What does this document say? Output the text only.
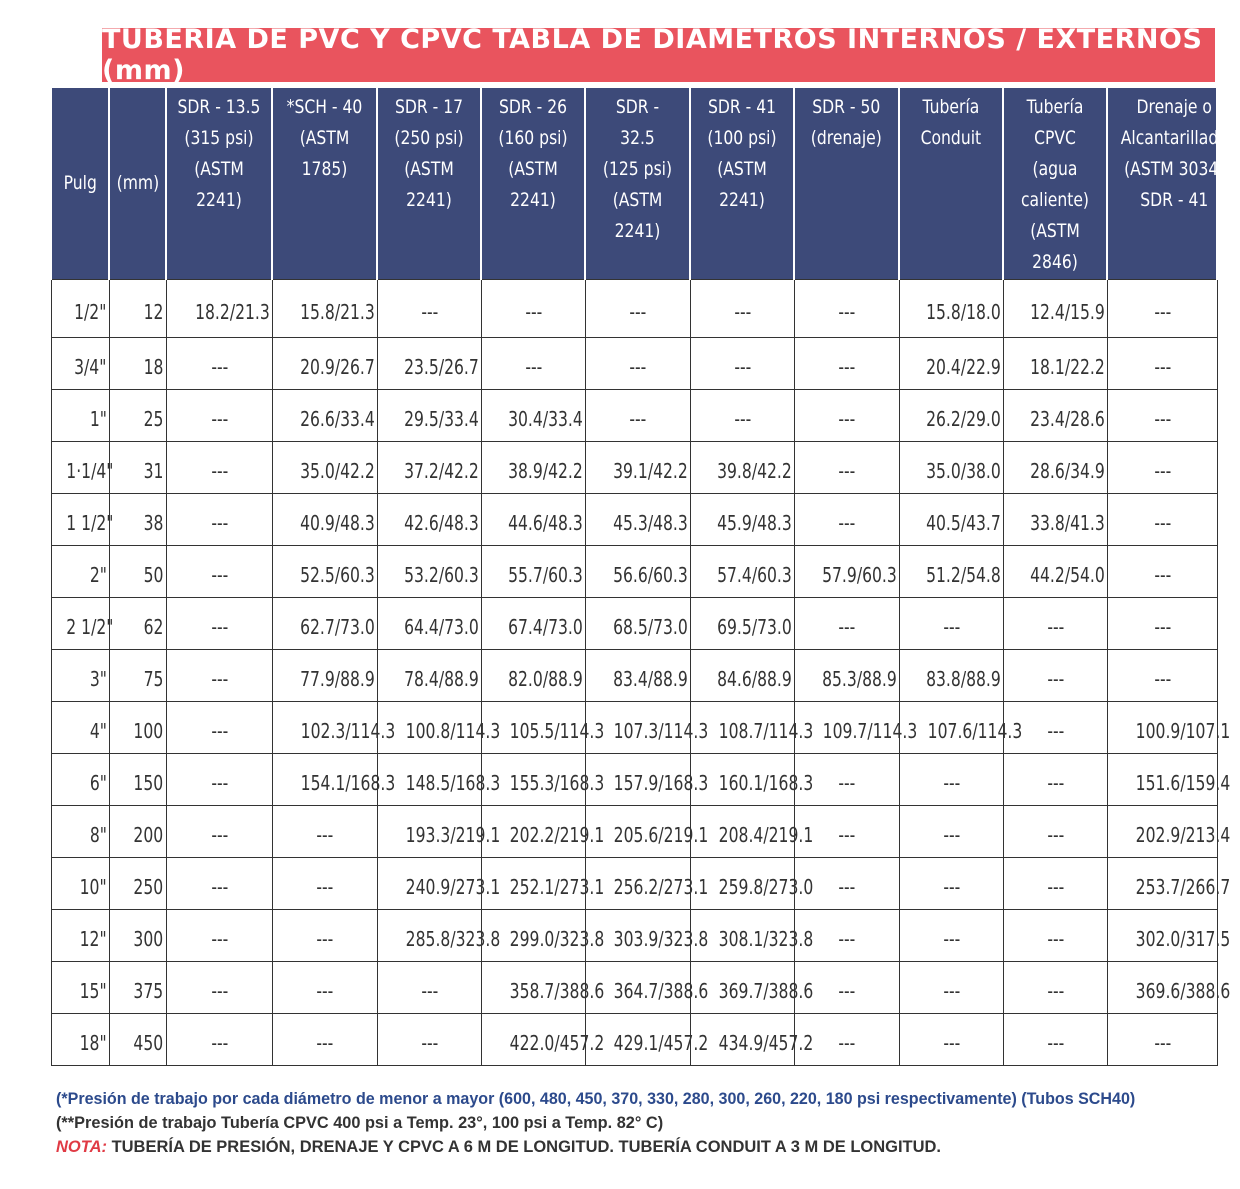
TUBERÍA DE PVC Y CPVC TABLA DE DIÁMETROS INTERNOS / EXTERNOS (mm)
Pulg	(mm)	SDR - 13.5
(315 psi)
(ASTM 2241)	*SCH - 40
(ASTM 1785)	SDR - 17
(250 psi)
(ASTM 2241)	SDR - 26
(160 psi)
(ASTM 2241)	SDR - 32.5
(125 psi)
(ASTM 2241)	SDR - 41
(100 psi)
(ASTM 2241)	SDR - 50
(drenaje)	Tubería
Conduit	Tubería
CPVC
(agua
caliente)
(ASTM 2846)	Drenaje o
Alcantarillado
(ASTM 3034)
SDR - 41
1/2"	12	18.2/21.3	15.8/21.3	---	---	---	---	---	15.8/18.0	12.4/15.9	---
3/4"	18	---	20.9/26.7	23.5/26.7	---	---	---	---	20.4/22.9	18.1/22.2	---
1"	25	---	26.6/33.4	29.5/33.4	30.4/33.4	---	---	---	26.2/29.0	23.4/28.6	---
1·1/4"	31	---	35.0/42.2	37.2/42.2	38.9/42.2	39.1/42.2	39.8/42.2	---	35.0/38.0	28.6/34.9	---
1 1/2"	38	---	40.9/48.3	42.6/48.3	44.6/48.3	45.3/48.3	45.9/48.3	---	40.5/43.7	33.8/41.3	---
2"	50	---	52.5/60.3	53.2/60.3	55.7/60.3	56.6/60.3	57.4/60.3	57.9/60.3	51.2/54.8	44.2/54.0	---
2 1/2"	62	---	62.7/73.0	64.4/73.0	67.4/73.0	68.5/73.0	69.5/73.0	---	---	---	---
3"	75	---	77.9/88.9	78.4/88.9	82.0/88.9	83.4/88.9	84.6/88.9	85.3/88.9	83.8/88.9	---	---
4"	100	---	102.3/114.3	100.8/114.3	105.5/114.3	107.3/114.3	108.7/114.3	109.7/114.3	107.6/114.3	---	100.9/107.1
6"	150	---	154.1/168.3	148.5/168.3	155.3/168.3	157.9/168.3	160.1/168.3	---	---	---	151.6/159.4
8"	200	---	---	193.3/219.1	202.2/219.1	205.6/219.1	208.4/219.1	---	---	---	202.9/213.4
10"	250	---	---	240.9/273.1	252.1/273.1	256.2/273.1	259.8/273.0	---	---	---	253.7/266.7
12"	300	---	---	285.8/323.8	299.0/323.8	303.9/323.8	308.1/323.8	---	---	---	302.0/317.5
15"	375	---	---	---	358.7/388.6	364.7/388.6	369.7/388.6	---	---	---	369.6/388.6
18"	450	---	---	---	422.0/457.2	429.1/457.2	434.9/457.2	---	---	---	---
(*Presión de trabajo por cada diámetro de menor a mayor (600, 480, 450, 370, 330, 280, 300, 260, 220, 180 psi respectivamente) (Tubos SCH40)
(**Presión de trabajo Tubería CPVC 400 psi a Temp. 23°, 100 psi a Temp. 82° C)
NOTA: TUBERÍA DE PRESIÓN, DRENAJE Y CPVC A 6 M DE LONGITUD. TUBERÍA CONDUIT A 3 M DE LONGITUD.
